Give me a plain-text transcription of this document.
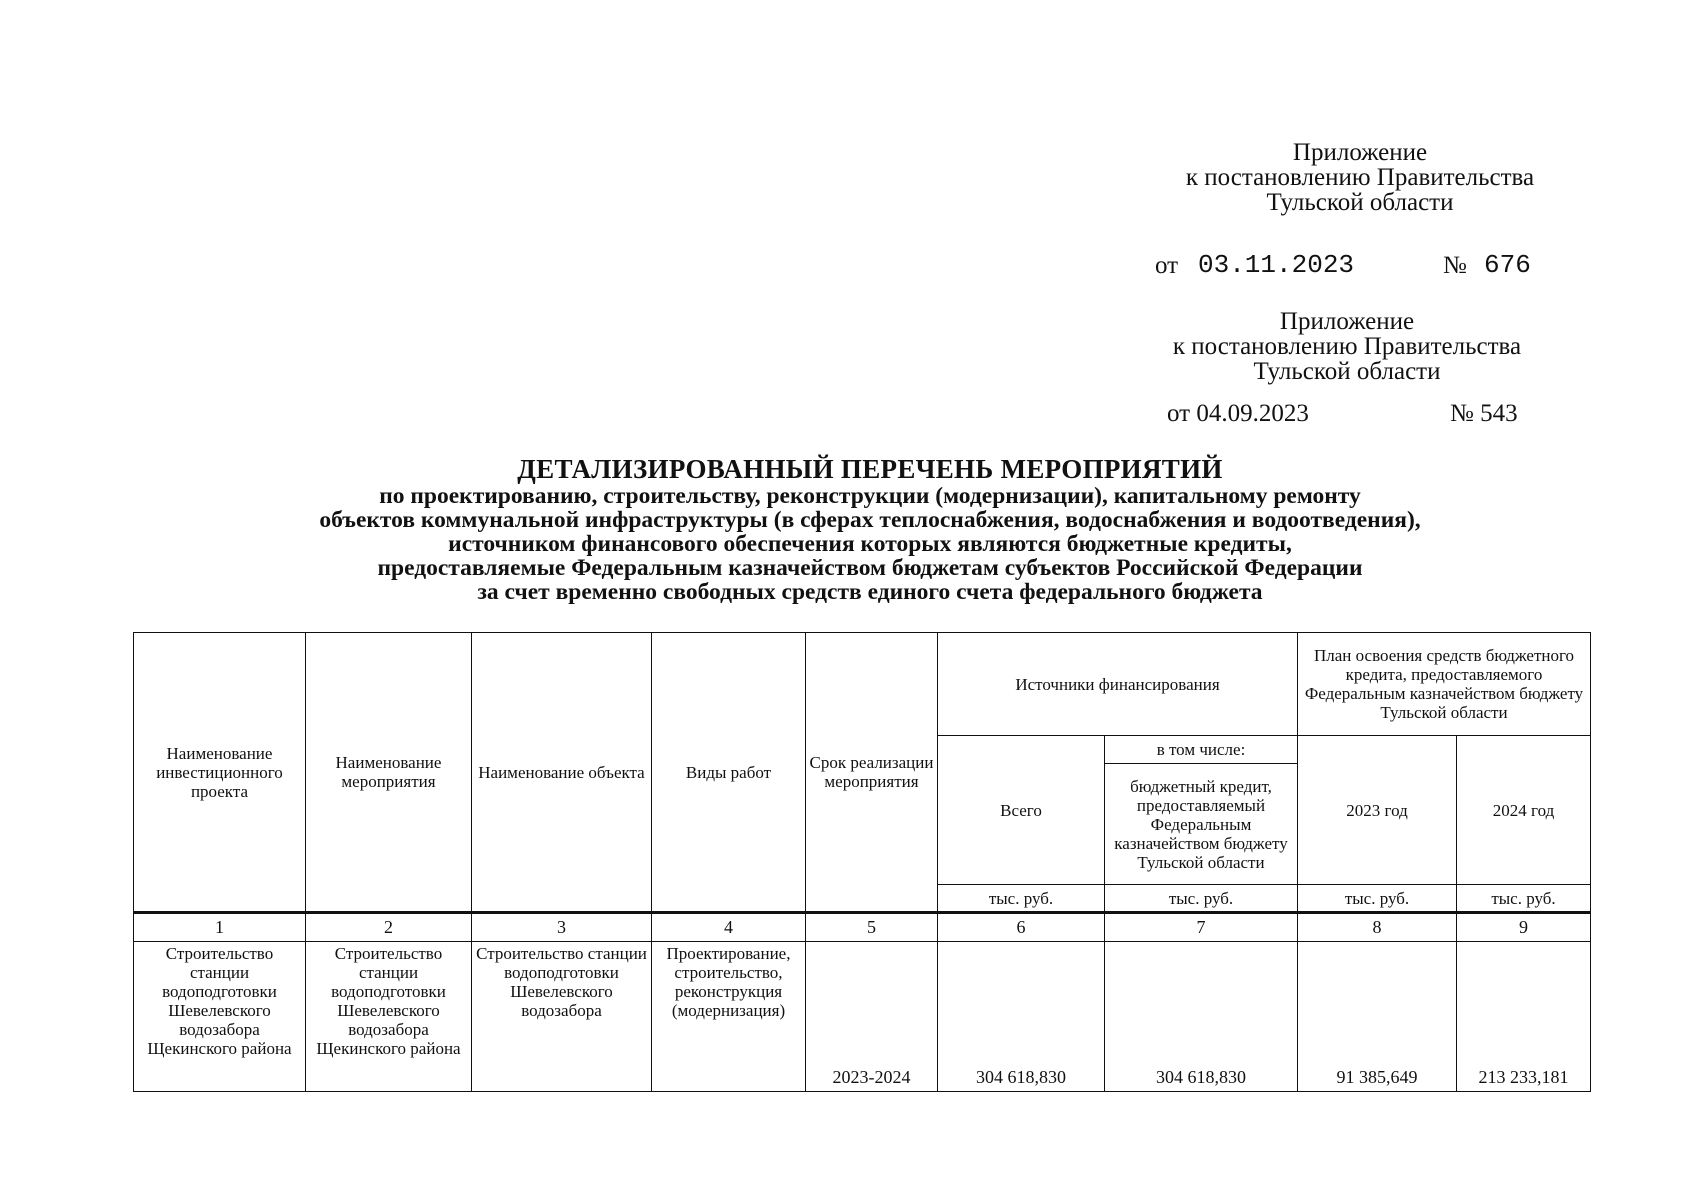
Приложение
к постановлению Правительства
Тульской области
от 03.11.2023	№ 676
Приложение
к постановлению Правительства
Тульской области
от 04.09.2023	№ 543
ДЕТАЛИЗИРОВАННЫЙ ПЕРЕЧЕНЬ МЕРОПРИЯТИЙ
по проектированию, строительству, реконструкции (модернизации), капитальному ремонту
объектов коммунальной инфраструктуры (в сферах теплоснабжения, водоснабжения и водоотведения),
источником финансового обеспечения которых являются бюджетные кредиты,
предоставляемые Федеральным казначейством бюджетам субъектов Российской Федерации
за счет временно свободных средств единого счета федерального бюджета
Наименование инвестиционного проекта	Наименование мероприятия	Наименование объекта	Виды работ	Срок реализации мероприятия	Источники финансирования		План освоения средств бюджетного кредита, предоставляемого Федеральным казначейством бюджету Тульской области	
					Всего	в том числе:	2023 год	2024 год
						бюджетный кредит, предоставляемый Федеральным казначейством бюджету Тульской области		
					тыс. руб.	тыс. руб.	тыс. руб.	тыс. руб.
1	2	3	4	5	6	7	8	9
Строительство станции водоподготовки Шевелевского водозабора Щекинского района	Строительство станции водоподготовки Шевелевского водозабора Щекинского района	Строительство станции водоподготовки Шевелевского водозабора	Проектирование, строительство, реконструкция (модернизация)	2023-2024	304 618,830	304 618,830	91 385,649	213 233,181
